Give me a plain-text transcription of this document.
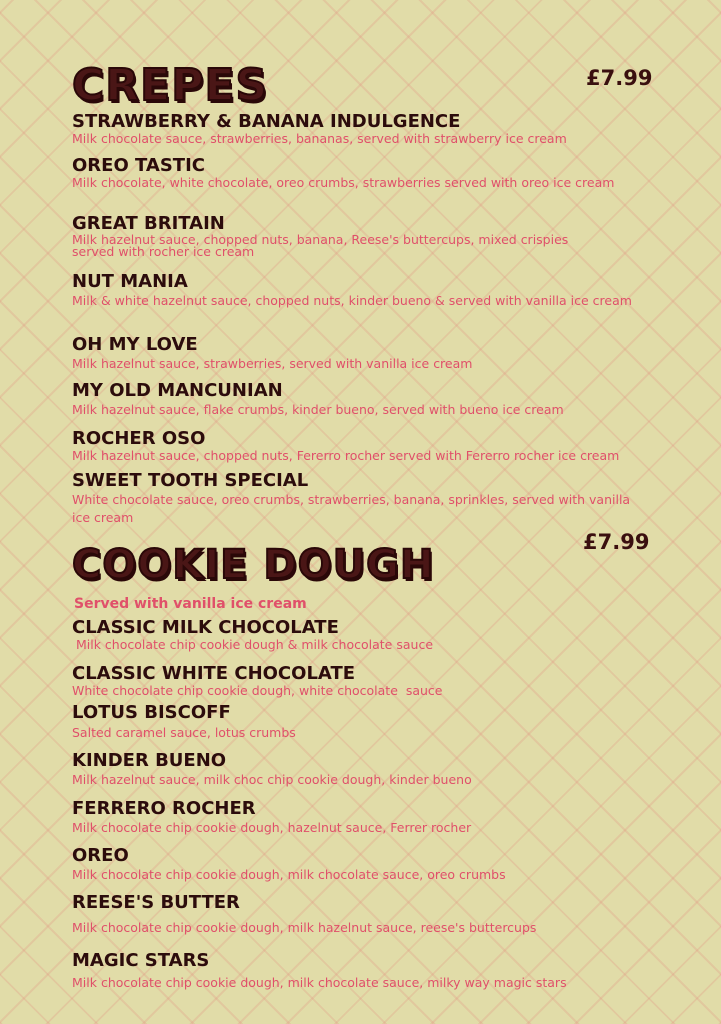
CREPES	£7.99
STRAWBERRY & BANANA INDULGENCE
Milk chocolate sauce, strawberries, bananas, served with strawberry ice cream
OREO TASTIC
Milk chocolate, white chocolate, oreo crumbs, strawberries served with oreo ice cream
GREAT BRITAIN
Milk hazelnut sauce, chopped nuts, banana, Reese's buttercups, mixed crispies served with rocher ice cream
NUT MANIA
Milk & white hazelnut sauce, chopped nuts, kinder bueno & served with vanilla ice cream
OH MY LOVE
Milk hazelnut sauce, strawberries, served with vanilla ice cream
MY OLD MANCUNIAN
Milk hazelnut sauce, flake crumbs, kinder bueno, served with bueno ice cream
ROCHER OSO
Milk hazelnut sauce, chopped nuts, Fererro rocher served with Fererro rocher ice cream
SWEET TOOTH SPECIAL
White chocolate sauce, oreo crumbs, strawberries, banana, sprinkles, served with vanilla ice cream
COOKIE DOUGH	£7.99
Served with vanilla ice cream
CLASSIC MILK CHOCOLATE
Milk chocolate chip cookie dough & milk chocolate sauce
CLASSIC WHITE CHOCOLATE
White chocolate chip cookie dough, white chocolate  sauce
LOTUS BISCOFF
Salted caramel sauce, lotus crumbs
KINDER BUENO
Milk hazelnut sauce, milk choc chip cookie dough, kinder bueno
FERRERO ROCHER
Milk chocolate chip cookie dough, hazelnut sauce, Ferrer rocher
OREO
Milk chocolate chip cookie dough, milk chocolate sauce, oreo crumbs
REESE'S BUTTER
Milk chocolate chip cookie dough, milk hazelnut sauce, reese's buttercups
MAGIC STARS
Milk chocolate chip cookie dough, milk chocolate sauce, milky way magic stars
